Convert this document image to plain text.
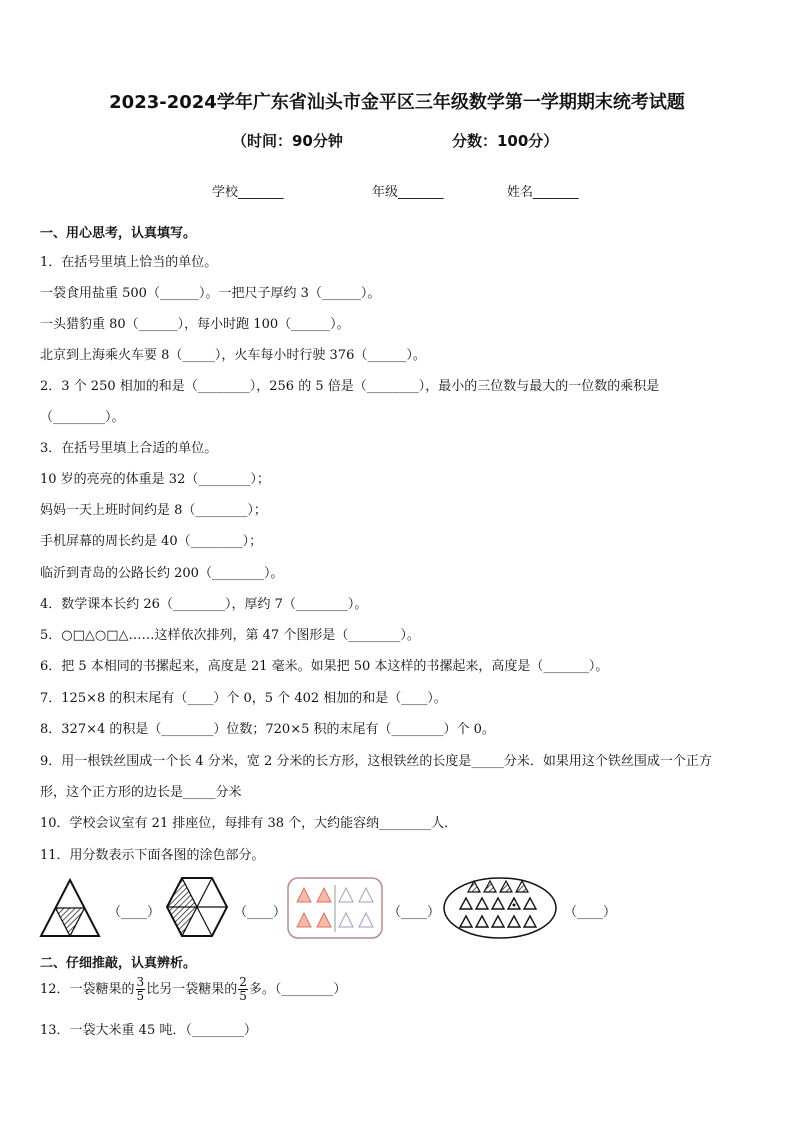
2023-2024学年广东省汕头市金平区三年级数学第一学期期末统考试题
（时间：90分钟	分数：100分）
学校_______	年级_______	姓名_______
一、用心思考，认真填写。
1．在括号里填上恰当的单位。
一袋食用盐重 500（______）。一把尺子厚约 3（______）。
一头猎豹重 80（______），每小时跑 100（______）。
北京到上海乘火车要 8（_____），火车每小时行驶 376（______）。
2．3 个 250 相加的和是（________），256 的 5 倍是（________），最小的三位数与最大的一位数的乘积是
（________）。
3．在括号里填上合适的单位。
10 岁的亮亮的体重是 32（________）；
妈妈一天上班时间约是 8（________）；
手机屏幕的周长约是 40（________）；
临沂到青岛的公路长约 200（________）。
4．数学课本长约 26（________），厚约 7（________）。
5．○□△○□△……这样依次排列，第 47 个图形是（________）。
6．把 5 本相同的书摞起来，高度是 21 毫米。如果把 50 本这样的书摞起来，高度是（_______）。
7．125×8 的积末尾有（____）个 0，5 个 402 相加的和是（____）。
8．327×4 的积是（________）位数；720×5 积的末尾有（________）个 0。
9．用一根铁丝围成一个长 4 分米，宽 2 分米的长方形，这根铁丝的长度是_____分米．如果用这个铁丝围成一个正方
形，这个正方形的边长是_____分米
10．学校会议室有 21 排座位，每排有 38 个，大约能容纳________人．
11．用分数表示下面各图的涂色部分。
（____）	（____）	（____）	（____）
二、仔细推敲，认真辨析。
12．一袋糖果的 $\frac{3}{5}$ 比另一袋糖果的 $\frac{2}{5}$ 多。（________）
13．一袋大米重 45 吨．（________）
